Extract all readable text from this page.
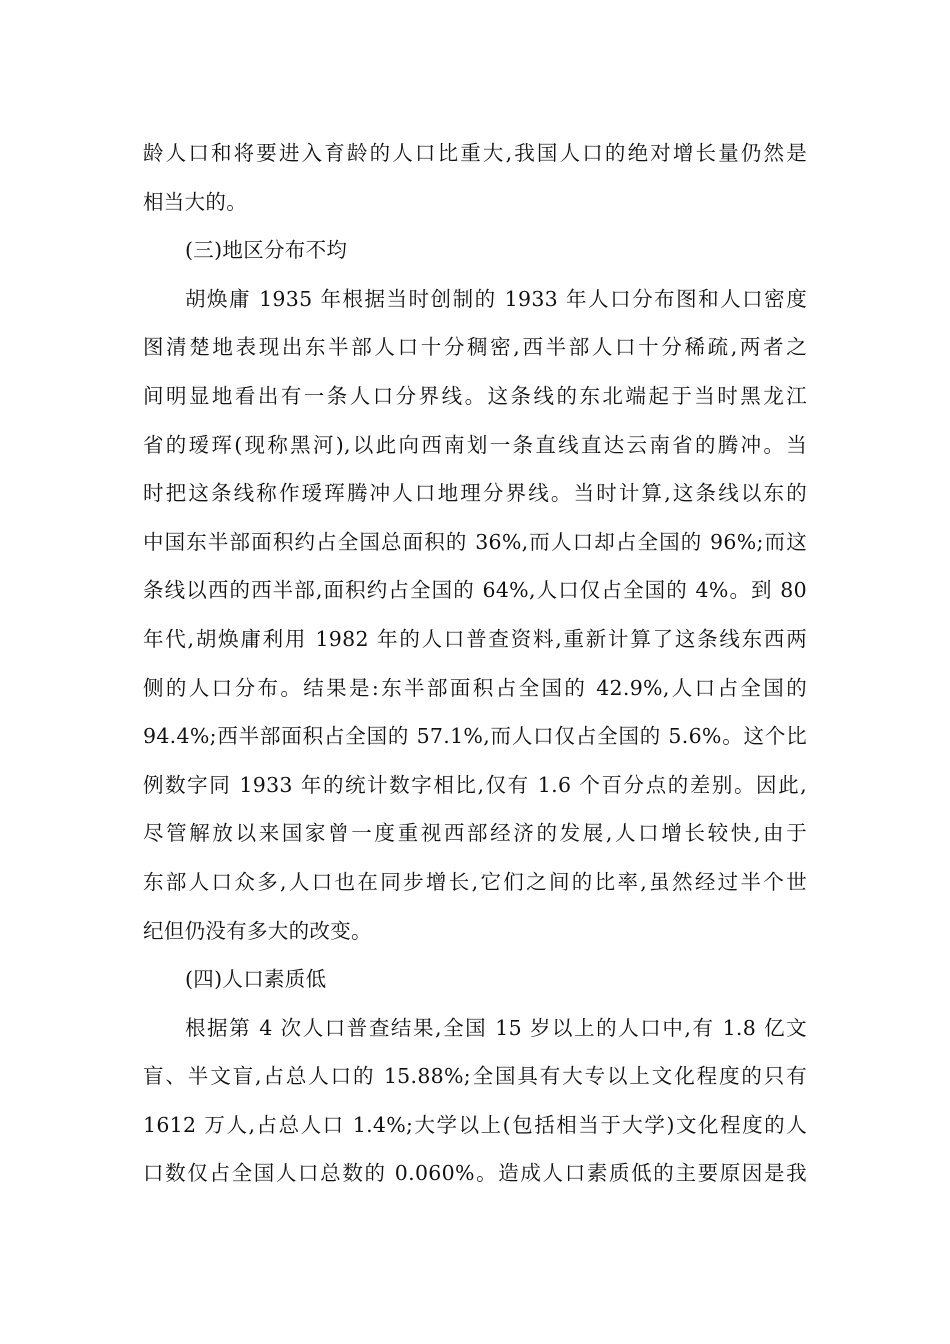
龄人口和将要进入育龄的人口比重大,我国人口的绝对增长量仍然是
相当大的。
(三)地区分布不均
胡焕庸 1935 年根据当时创制的 1933 年人口分布图和人口密度
图清楚地表现出东半部人口十分稠密,西半部人口十分稀疏,两者之
间明显地看出有一条人口分界线。这条线的东北端起于当时黑龙江
省的瑷珲(现称黑河),以此向西南划一条直线直达云南省的腾冲。当
时把这条线称作瑷珲腾冲人口地理分界线。当时计算,这条线以东的
中国东半部面积约占全国总面积的 36%,而人口却占全国的 96%;而这
条线以西的西半部,面积约占全国的 64%,人口仅占全国的 4%。到 80
年代,胡焕庸利用 1982 年的人口普查资料,重新计算了这条线东西两
侧的人口分布。结果是:东半部面积占全国的 42.9%,人口占全国的
94.4%;西半部面积占全国的 57.1%,而人口仅占全国的 5.6%。这个比
例数字同 1933 年的统计数字相比,仅有 1.6 个百分点的差别。因此,
尽管解放以来国家曾一度重视西部经济的发展,人口增长较快,由于
东部人口众多,人口也在同步增长,它们之间的比率,虽然经过半个世
纪但仍没有多大的改变。
(四)人口素质低
根据第 4 次人口普查结果,全国 15 岁以上的人口中,有 1.8 亿文
盲、半文盲,占总人口的 15.88%;全国具有大专以上文化程度的只有
1612 万人,占总人口 1.4%;大学以上(包括相当于大学)文化程度的人
口数仅占全国人口总数的 0.060%。造成人口素质低的主要原因是我
